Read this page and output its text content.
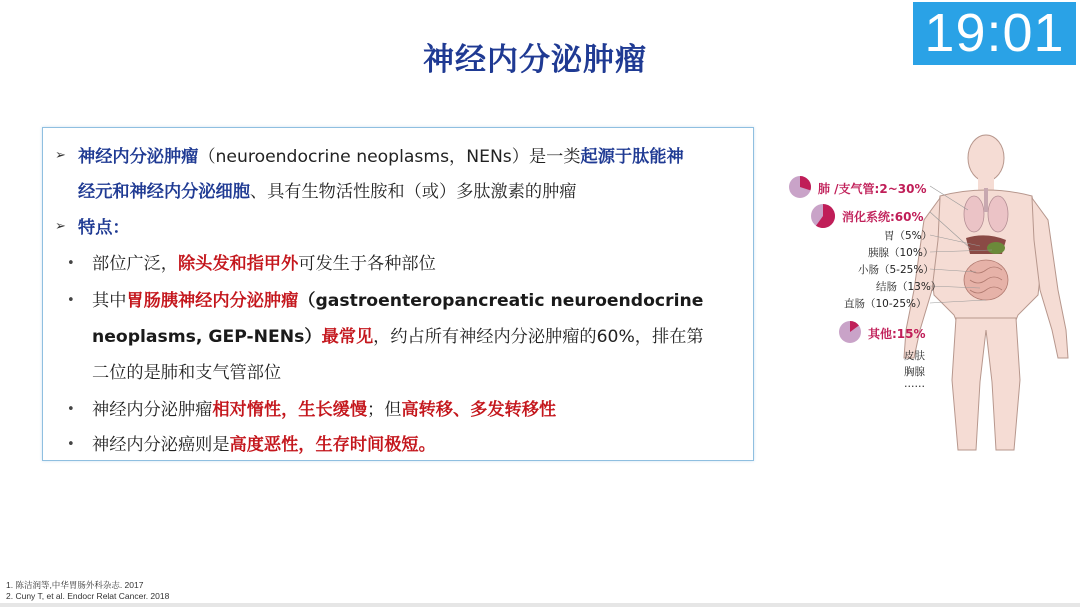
19:01
神经内分泌肿瘤
➢ 神经内分泌肿瘤（neuroendocrine neoplasms，NENs）是一类起源于肽能神
经元和神经内分泌细胞、具有生物活性胺和（或）多肽激素的肿瘤
➢ 特点：
• 部位广泛，除头发和指甲外可发生于各种部位
• 其中胃肠胰神经内分泌肿瘤（gastroenteropancreatic neuroendocrine
neoplasms, GEP-NENs）最常见，约占所有神经内分泌肿瘤的60%，排在第
二位的是肺和支气管部位
• 神经内分泌肿瘤相对惰性，生长缓慢；但高转移、多发转移性
• 神经内分泌癌则是高度恶性，生存时间极短。
肺 /支气管:2~30%
消化系统:60%
胃（5%）
胰腺（10%）
小肠（5-25%）
结肠（13%）
直肠（10-25%）
其他:15%
皮肤
胸腺
……
1. 陈洁润等,中华胃肠外科杂志. 2017
2. Cuny T, et al. Endocr Relat Cancer. 2018
